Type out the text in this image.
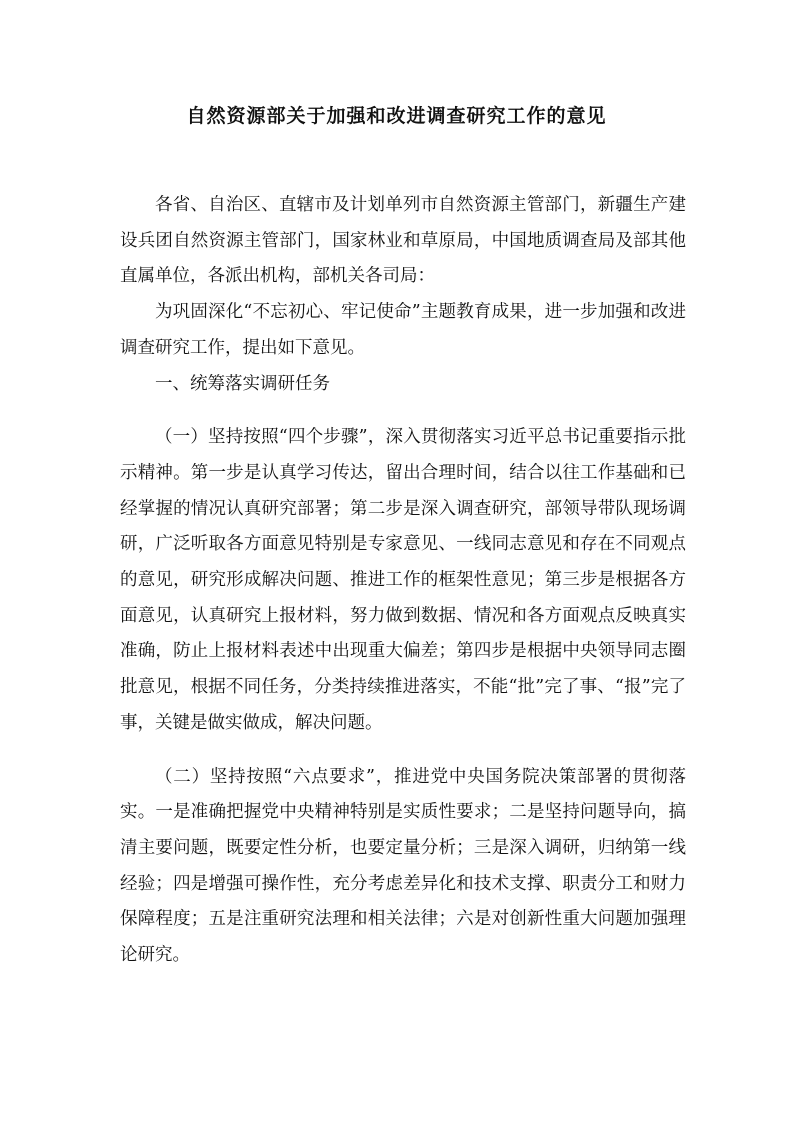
自然资源部关于加强和改进调查研究工作的意见

各省、自治区、直辖市及计划单列市自然资源主管部门，新疆生产建设兵团自然资源主管部门，国家林业和草原局，中国地质调查局及部其他直属单位，各派出机构，部机关各司局：

为巩固深化“不忘初心、牢记使命”主题教育成果，进一步加强和改进调查研究工作，提出如下意见。

一、统筹落实调研任务

（一）坚持按照“四个步骤”，深入贯彻落实习近平总书记重要指示批示精神。第一步是认真学习传达，留出合理时间，结合以往工作基础和已经掌握的情况认真研究部署；第二步是深入调查研究，部领导带队现场调研，广泛听取各方面意见特别是专家意见、一线同志意见和存在不同观点的意见，研究形成解决问题、推进工作的框架性意见；第三步是根据各方面意见，认真研究上报材料，努力做到数据、情况和各方面观点反映真实准确，防止上报材料表述中出现重大偏差；第四步是根据中央领导同志圈批意见，根据不同任务，分类持续推进落实，不能“批”完了事、“报”完了事，关键是做实做成，解决问题。

（二）坚持按照“六点要求”，推进党中央国务院决策部署的贯彻落实。一是准确把握党中央精神特别是实质性要求；二是坚持问题导向，搞清主要问题，既要定性分析，也要定量分析；三是深入调研，归纳第一线经验；四是增强可操作性，充分考虑差异化和技术支撑、职责分工和财力保障程度；五是注重研究法理和相关法律；六是对创新性重大问题加强理论研究。
